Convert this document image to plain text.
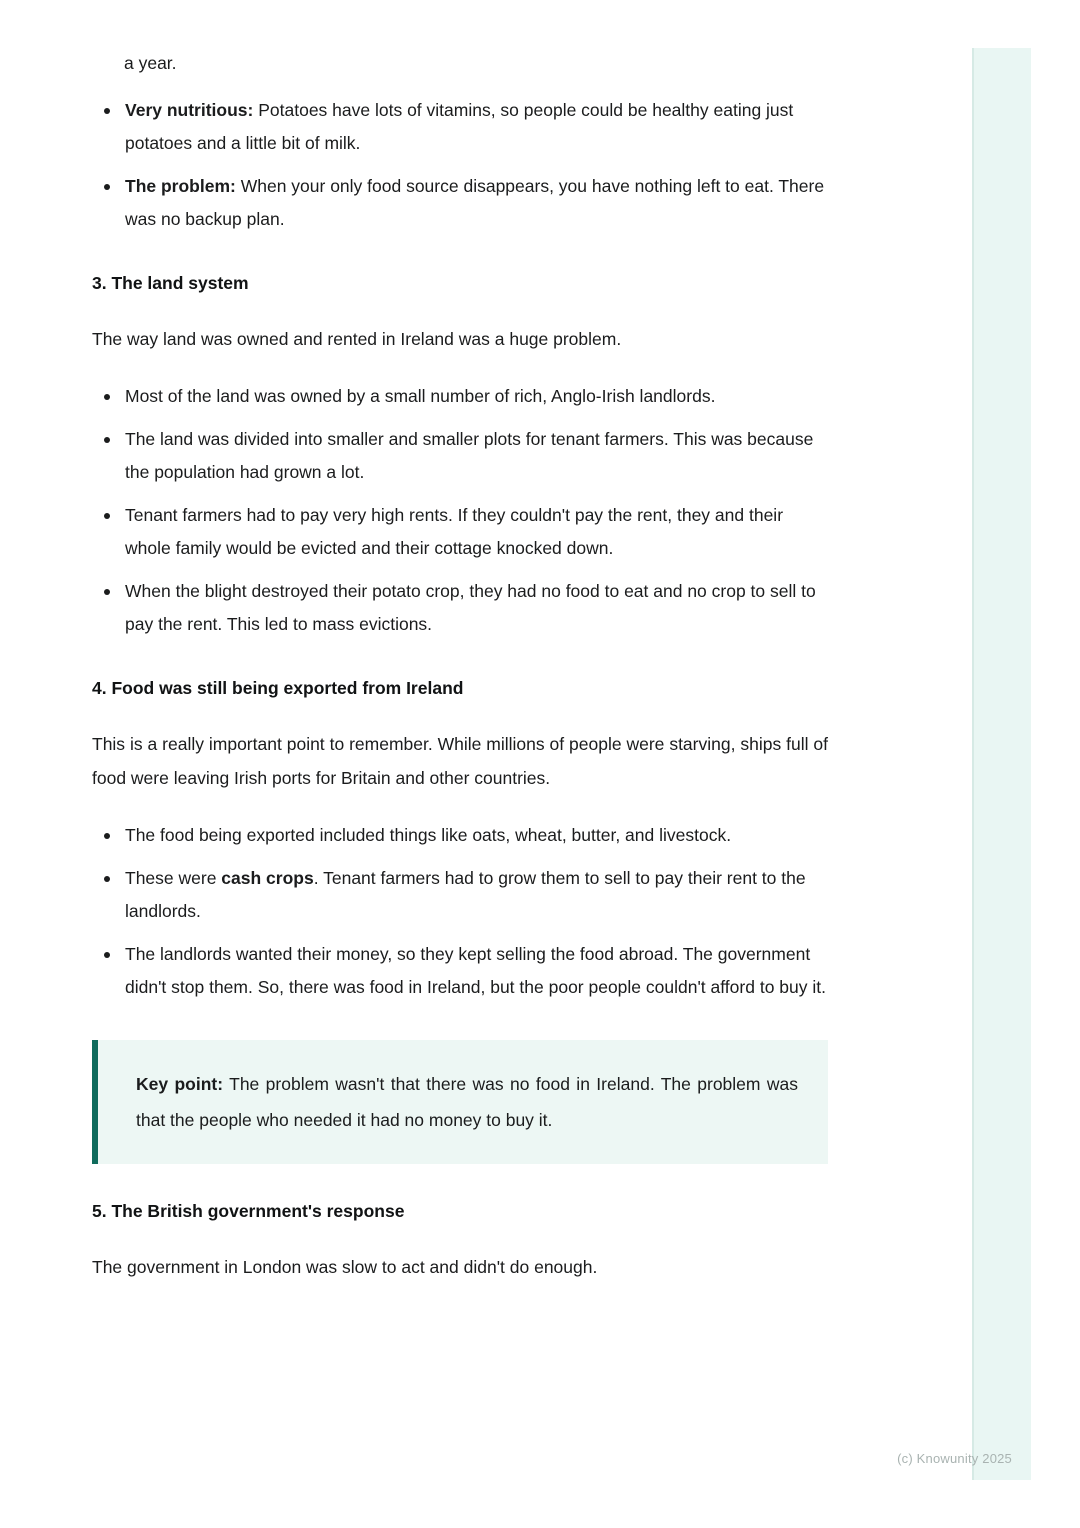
a year.

Very nutritious: Potatoes have lots of vitamins, so people could be healthy eating just potatoes and a little bit of milk.
The problem: When your only food source disappears, you have nothing left to eat. There was no backup plan.
3. The land system

The way land was owned and rented in Ireland was a huge problem.

Most of the land was owned by a small number of rich, Anglo-Irish landlords.
The land was divided into smaller and smaller plots for tenant farmers. This was because the population had grown a lot.
Tenant farmers had to pay very high rents. If they couldn't pay the rent, they and their whole family would be evicted and their cottage knocked down.
When the blight destroyed their potato crop, they had no food to eat and no crop to sell to pay the rent. This led to mass evictions.
4. Food was still being exported from Ireland

This is a really important point to remember. While millions of people were starving, ships full of food were leaving Irish ports for Britain and other countries.

The food being exported included things like oats, wheat, butter, and livestock.
These were cash crops. Tenant farmers had to grow them to sell to pay their rent to the landlords.
The landlords wanted their money, so they kept selling the food abroad. The government didn't stop them. So, there was food in Ireland, but the poor people couldn't afford to buy it.

Key point: The problem wasn't that there was no food in Ireland. The problem was that the people who needed it had no money to buy it.

5. The British government's response

The government in London was slow to act and didn't do enough.

(c) Knowunity 2025
